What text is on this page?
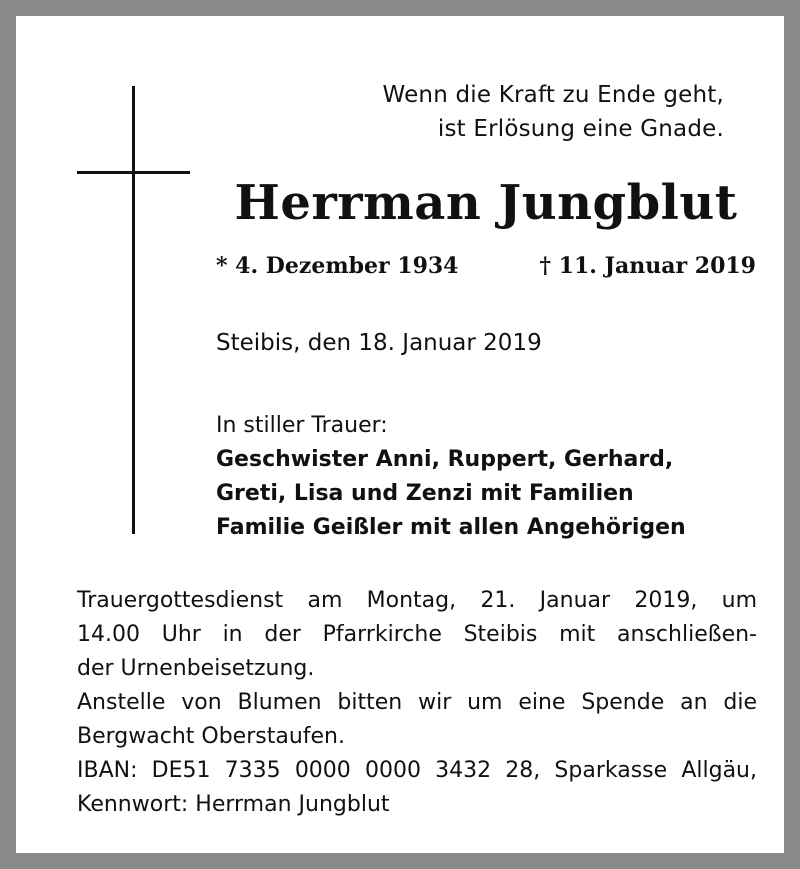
Wenn die Kraft zu Ende geht,
ist Erlösung eine Gnade.
Herrman Jungblut
* 4. Dezember 1934	† 11. Januar 2019
Steibis, den 18. Januar 2019
In stiller Trauer:
Geschwister Anni, Ruppert, Gerhard,
Greti, Lisa und Zenzi mit Familien
Familie Geißler mit allen Angehörigen
Trauergottesdienst am Montag, 21. Januar 2019, um
14.00 Uhr in der Pfarrkirche Steibis mit anschließen-
der Urnenbeisetzung.
Anstelle von Blumen bitten wir um eine Spende an die
Bergwacht Oberstaufen.
IBAN: DE51 7335 0000 0000 3432 28, Sparkasse Allgäu,
Kennwort: Herrman Jungblut
